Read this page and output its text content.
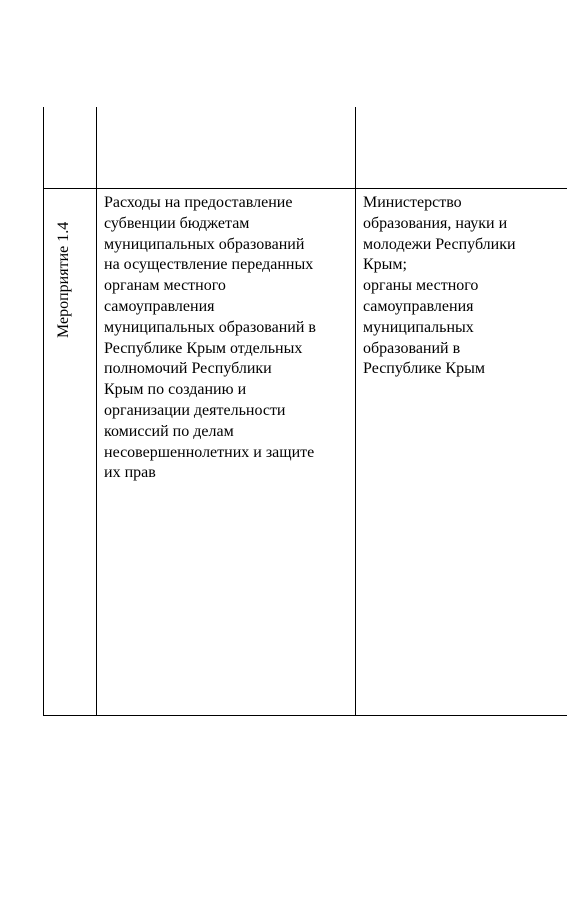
Мероприятие 1.4
Расходы на предоставление
субвенции бюджетам
муниципальных образований
на осуществление переданных
органам местного
самоуправления
муниципальных образований в
Республике Крым отдельных
полномочий Республики
Крым по созданию и
организации деятельности
комиссий по делам
несовершеннолетних и защите
их прав
Министерство
образования, науки и
молодежи Республики
Крым;
органы местного
самоуправления
муниципальных
образований в
Республике Крым
